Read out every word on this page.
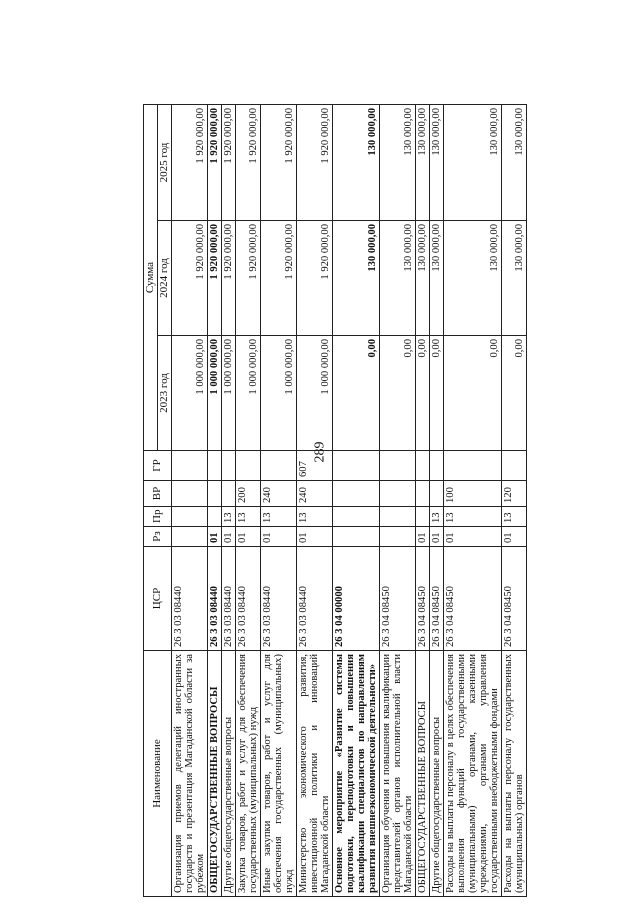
289
Наименование	ЦСР	Рз	Пр	ВР	ГР	Сумма		
						2023 год	2024 год	2025 год
Организация приемов делегаций иностранных государств и презентация Магаданской области за рубежом	26 3 03 08440					1 000 000,00	1 920 000,00	1 920 000,00
ОБЩЕГОСУДАРСТВЕННЫЕ ВОПРОСЫ	26 3 03 08440	01				1 000 000,00	1 920 000,00	1 920 000,00
Другие общегосударственные вопросы	26 3 03 08440	01	13			1 000 000,00	1 920 000,00	1 920 000,00
Закупка товаров, работ и услуг для обеспечения государственных (муниципальных) нужд	26 3 03 08440	01	13	200		1 000 000,00	1 920 000,00	1 920 000,00
Иные закупки товаров, работ и услуг для обеспечения государственных (муниципальных) нужд	26 3 03 08440	01	13	240		1 000 000,00	1 920 000,00	1 920 000,00
Министерство экономического развития, инвестиционной политики и инноваций Магаданской области	26 3 03 08440	01	13	240	607	1 000 000,00	1 920 000,00	1 920 000,00
Основное мероприятие «Развитие системы подготовки, переподготовки и повышения квалификации специалистов по направлениям развития внешнеэкономической деятельности»	26 3 04 00000					0,00	130 000,00	130 000,00
Организация обучения и повышения квалификации представителей органов исполнительной власти Магаданской области	26 3 04 08450					0,00	130 000,00	130 000,00
ОБЩЕГОСУДАРСТВЕННЫЕ ВОПРОСЫ	26 3 04 08450	01				0,00	130 000,00	130 000,00
Другие общегосударственные вопросы	26 3 04 08450	01	13			0,00	130 000,00	130 000,00
Расходы на выплаты персоналу в целях обеспечения выполнения функций государственными (муниципальными) органами, казенными учреждениями, органами управления государственными внебюджетными фондами	26 3 04 08450	01	13	100		0,00	130 000,00	130 000,00
Расходы на выплаты персоналу государственных (муниципальных) органов	26 3 04 08450	01	13	120		0,00	130 000,00	130 000,00
